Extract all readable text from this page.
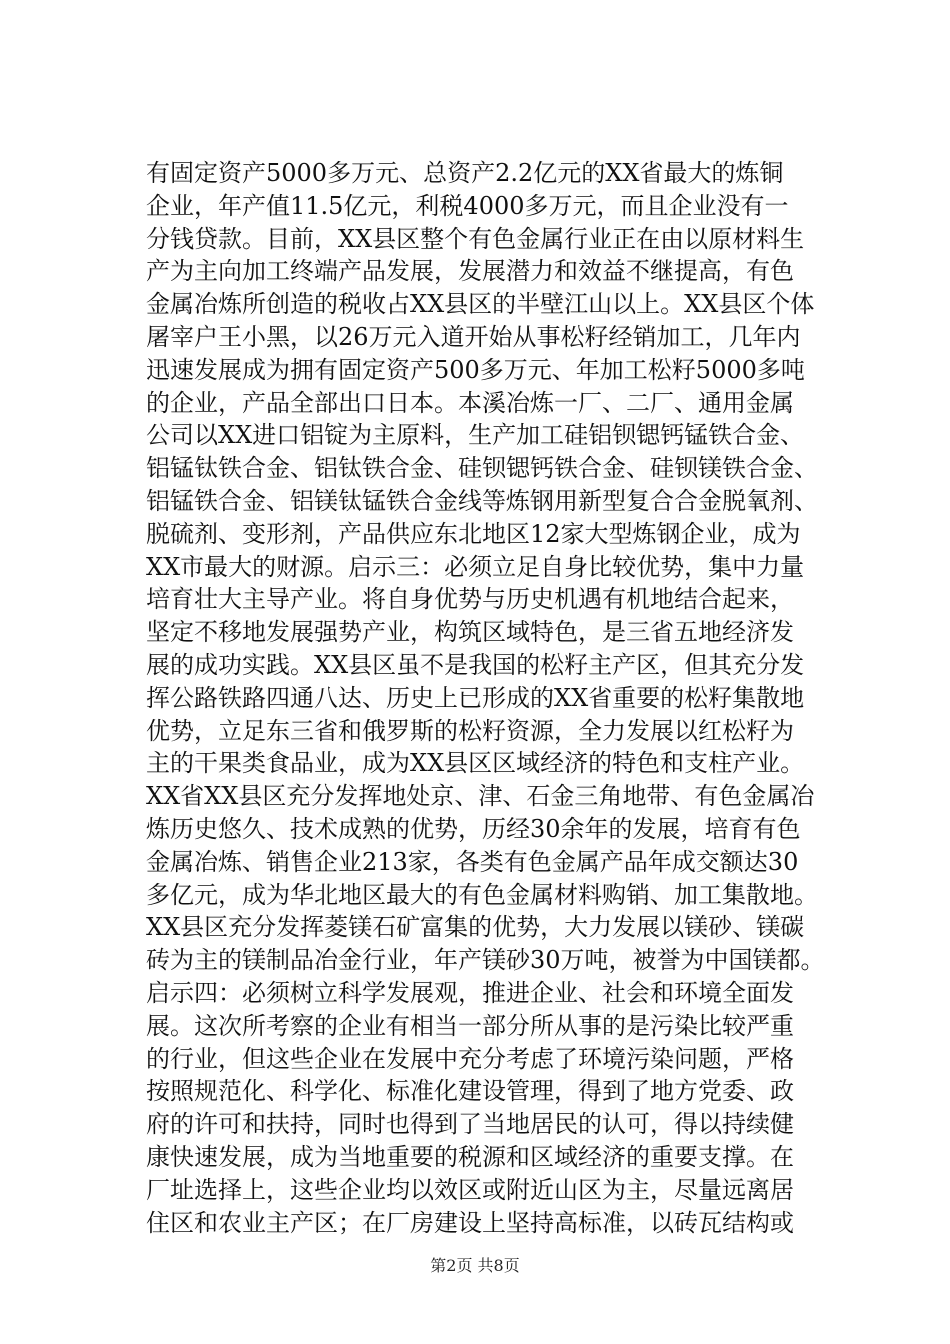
有固定资产5000多万元、总资产2.2亿元的XX省最大的炼铜
企业，年产值11.5亿元，利税4000多万元，而且企业没有一
分钱贷款。目前，XX县区整个有色金属行业正在由以原材料生
产为主向加工终端产品发展，发展潜力和效益不继提高，有色
金属冶炼所创造的税收占XX县区的半壁江山以上。XX县区个体
屠宰户王小黑，以26万元入道开始从事松籽经销加工，几年内
迅速发展成为拥有固定资产500多万元、年加工松籽5000多吨
的企业，产品全部出口日本。本溪冶炼一厂、二厂、通用金属
公司以XX进口铝锭为主原料，生产加工硅铝钡锶钙锰铁合金、
铝锰钛铁合金、铝钛铁合金、硅钡锶钙铁合金、硅钡镁铁合金、
铝锰铁合金、铝镁钛锰铁合金线等炼钢用新型复合合金脱氧剂、
脱硫剂、变形剂，产品供应东北地区12家大型炼钢企业，成为
XX市最大的财源。启示三：必须立足自身比较优势，集中力量
培育壮大主导产业。将自身优势与历史机遇有机地结合起来，
坚定不移地发展强势产业，构筑区域特色，是三省五地经济发
展的成功实践。XX县区虽不是我国的松籽主产区，但其充分发
挥公路铁路四通八达、历史上已形成的XX省重要的松籽集散地
优势，立足东三省和俄罗斯的松籽资源，全力发展以红松籽为
主的干果类食品业，成为XX县区区域经济的特色和支柱产业。
XX省XX县区充分发挥地处京、津、石金三角地带、有色金属冶
炼历史悠久、技术成熟的优势，历经30余年的发展，培育有色
金属冶炼、销售企业213家，各类有色金属产品年成交额达30
多亿元，成为华北地区最大的有色金属材料购销、加工集散地。
XX县区充分发挥菱镁石矿富集的优势，大力发展以镁砂、镁碳
砖为主的镁制品冶金行业，年产镁砂30万吨，被誉为中国镁都。
启示四：必须树立科学发展观，推进企业、社会和环境全面发
展。这次所考察的企业有相当一部分所从事的是污染比较严重
的行业，但这些企业在发展中充分考虑了环境污染问题，严格
按照规范化、科学化、标准化建设管理，得到了地方党委、政
府的许可和扶持，同时也得到了当地居民的认可，得以持续健
康快速发展，成为当地重要的税源和区域经济的重要支撑。在
厂址选择上，这些企业均以效区或附近山区为主，尽量远离居
住区和农业主产区；在厂房建设上坚持高标准，以砖瓦结构或
第2页 共8页
